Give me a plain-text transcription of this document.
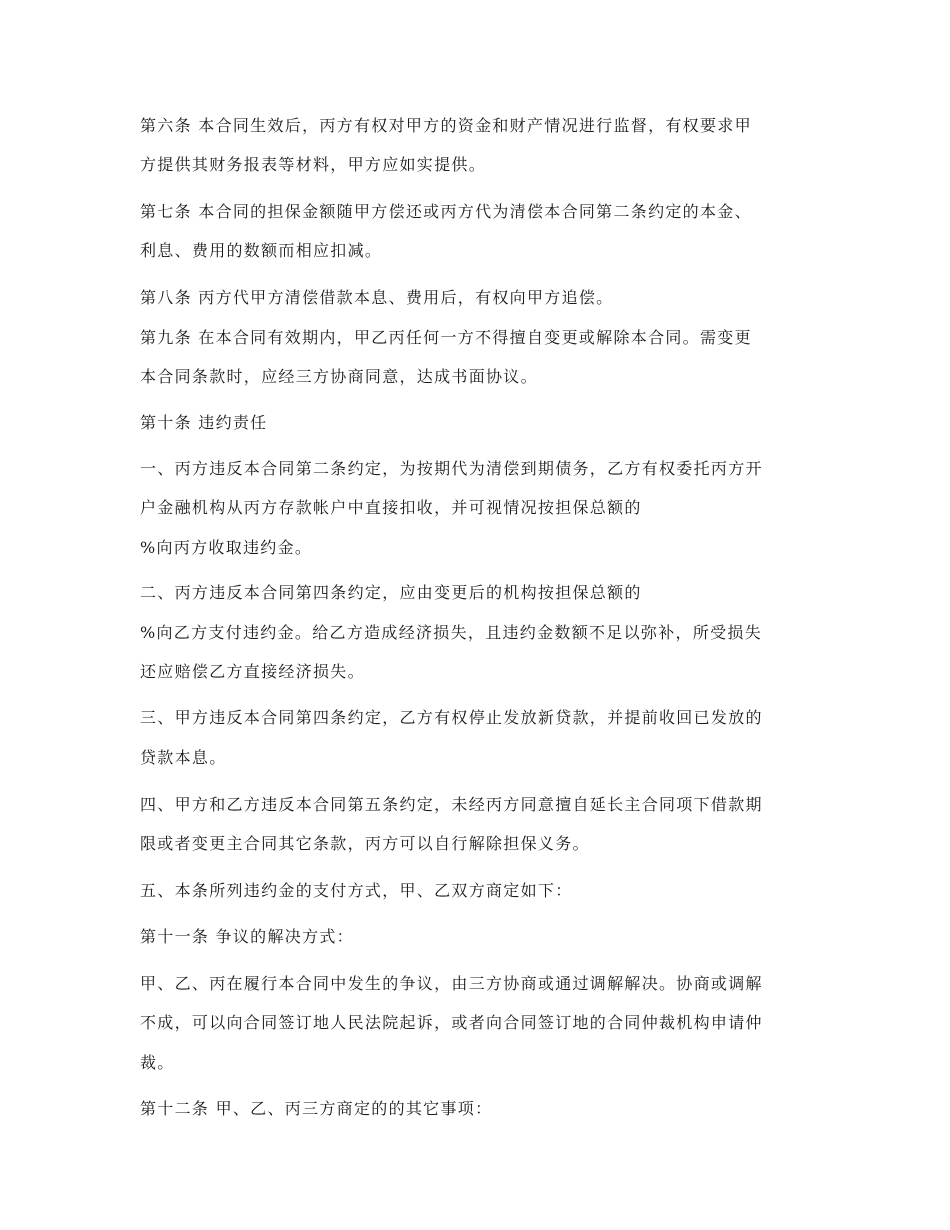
第六条 本合同生效后，丙方有权对甲方的资金和财产情况进行监督，有权要求甲
方提供其财务报表等材料，甲方应如实提供。
第七条 本合同的担保金额随甲方偿还或丙方代为清偿本合同第二条约定的本金、
利息、费用的数额而相应扣减。
第八条 丙方代甲方清偿借款本息、费用后，有权向甲方追偿。
第九条 在本合同有效期内，甲乙丙任何一方不得擅自变更或解除本合同。需变更
本合同条款时，应经三方协商同意，达成书面协议。
第十条 违约责任
一、丙方违反本合同第二条约定，为按期代为清偿到期债务，乙方有权委托丙方开
户金融机构从丙方存款帐户中直接扣收，并可视情况按担保总额的
%向丙方收取违约金。
二、丙方违反本合同第四条约定，应由变更后的机构按担保总额的
%向乙方支付违约金。给乙方造成经济损失，且违约金数额不足以弥补，所受损失
还应赔偿乙方直接经济损失。
三、甲方违反本合同第四条约定，乙方有权停止发放新贷款，并提前收回已发放的
贷款本息。
四、甲方和乙方违反本合同第五条约定，未经丙方同意擅自延长主合同项下借款期
限或者变更主合同其它条款，丙方可以自行解除担保义务。
五、本条所列违约金的支付方式，甲、乙双方商定如下：
第十一条 争议的解决方式：
甲、乙、丙在履行本合同中发生的争议，由三方协商或通过调解解决。协商或调解
不成，可以向合同签订地人民法院起诉，或者向合同签订地的合同仲裁机构申请仲
裁。
第十二条 甲、乙、丙三方商定的的其它事项：
